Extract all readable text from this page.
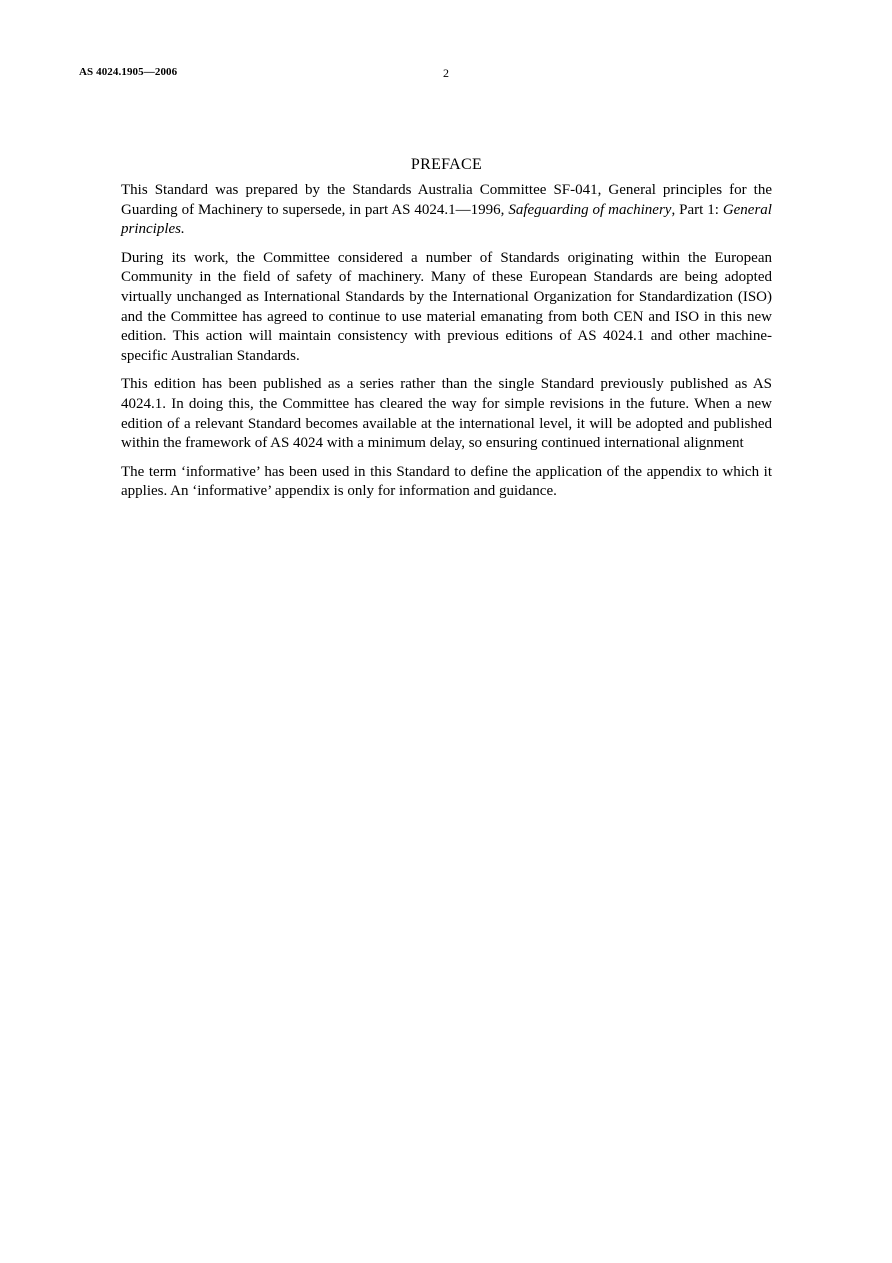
AS 4024.1905—2006	2
PREFACE

This Standard was prepared by the Standards Australia Committee SF-041, General principles for the Guarding of Machinery to supersede, in part AS 4024.1—1996, Safeguarding of machinery, Part 1: General principles.

During its work, the Committee considered a number of Standards originating within the European Community in the field of safety of machinery. Many of these European Standards are being adopted virtually unchanged as International Standards by the International Organization for Standardization (ISO) and the Committee has agreed to continue to use material emanating from both CEN and ISO in this new edition. This action will maintain consistency with previous editions of AS 4024.1 and other machine-specific Australian Standards.

This edition has been published as a series rather than the single Standard previously published as AS 4024.1. In doing this, the Committee has cleared the way for simple revisions in the future. When a new edition of a relevant Standard becomes available at the international level, it will be adopted and published within the framework of AS 4024 with a minimum delay, so ensuring continued international alignment

The term ‘informative’ has been used in this Standard to define the application of the appendix to which it applies. An ‘informative’ appendix is only for information and guidance.
